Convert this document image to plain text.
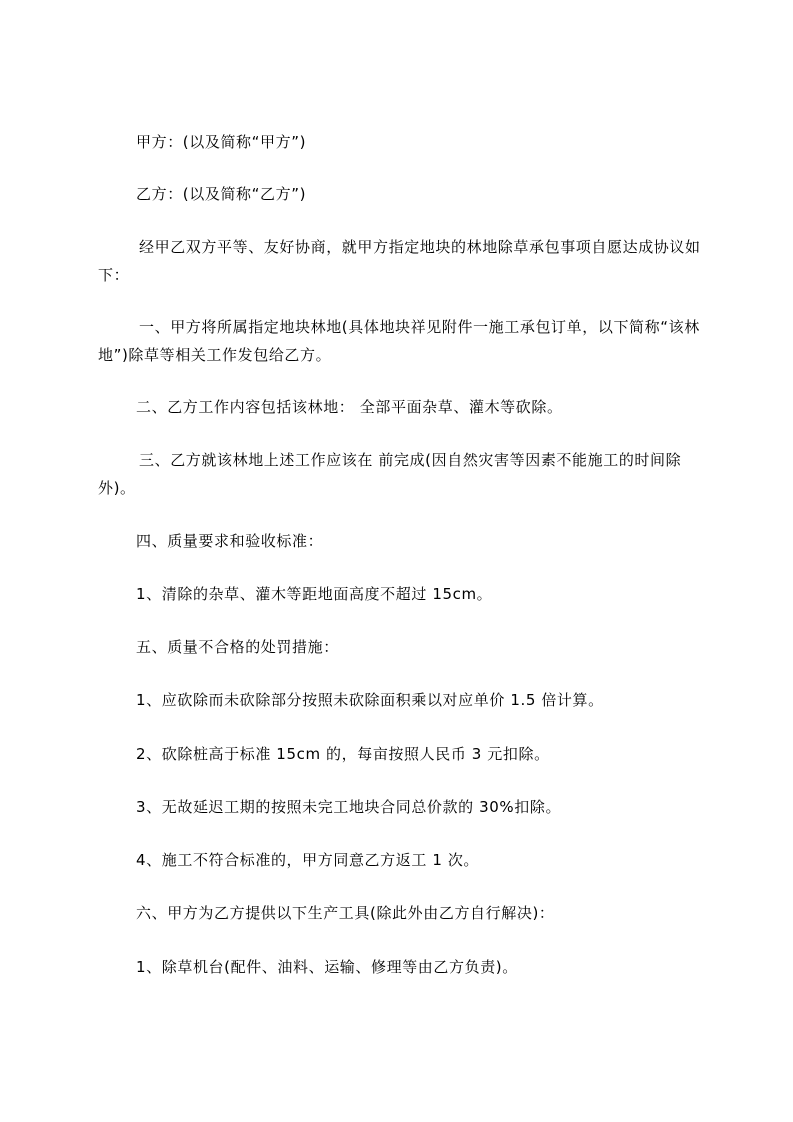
甲方：(以及简称“甲方”)

乙方：(以及简称“乙方”)

经甲乙双方平等、友好协商，就甲方指定地块的林地除草承包事项自愿达成协议如下：

一、甲方将所属指定地块林地(具体地块祥见附件一施工承包订单，以下简称“该林地”)除草等相关工作发包给乙方。

二、乙方工作内容包括该林地： 全部平面杂草、灌木等砍除。

三、乙方就该林地上述工作应该在 前完成(因自然灾害等因素不能施工的时间除外)。

四、质量要求和验收标准：

1、清除的杂草、灌木等距地面高度不超过 15cm。

五、质量不合格的处罚措施：

1、应砍除而未砍除部分按照未砍除面积乘以对应单价 1.5 倍计算。

2、砍除桩高于标准 15cm 的，每亩按照人民币 3 元扣除。

3、无故延迟工期的按照未完工地块合同总价款的 30%扣除。

4、施工不符合标准的，甲方同意乙方返工 1 次。

六、甲方为乙方提供以下生产工具(除此外由乙方自行解决)：

1、除草机台(配件、油料、运输、修理等由乙方负责)。
